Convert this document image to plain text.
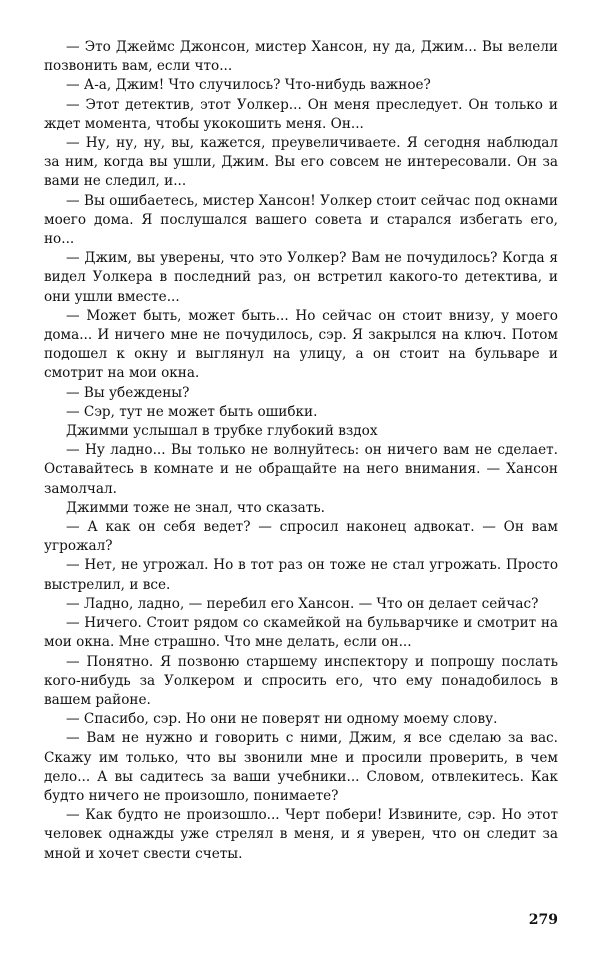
— Это Джеймс Джонсон, мистер Хансон, ну да, Джим... Вы велели позвонить вам, если что...

— А-а, Джим! Что случилось? Что-нибудь важное?

— Этот детектив, этот Уолкер... Он меня преследует. Он только и ждет момента, чтобы укокошить меня. Он...

— Ну, ну, ну, вы, кажется, преувеличиваете. Я сегодня наблюдал за ним, когда вы ушли, Джим. Вы его совсем не интересовали. Он за вами не следил, и...

— Вы ошибаетесь, мистер Хансон! Уолкер стоит сейчас под окнами моего дома. Я послушался вашего совета и старался избегать его, но...

— Джим, вы уверены, что это Уолкер? Вам не почудилось? Когда я видел Уолкера в последний раз, он встретил какого-то детектива, и они ушли вместе...

— Может быть, может быть... Но сейчас он стоит внизу, у моего дома... И ничего мне не почудилось, сэр. Я закрылся на ключ. Потом подошел к окну и выглянул на улицу, а он стоит на бульваре и смотрит на мои окна.

— Вы убеждены?

— Сэр, тут не может быть ошибки.

Джимми услышал в трубке глубокий вздох

— Ну ладно... Вы только не волнуйтесь: он ничего вам не сделает. Оставайтесь в комнате и не обращайте на него внимания. — Хансон замолчал.

Джимми тоже не знал, что сказать.

— А как он себя ведет? — спросил наконец адвокат. — Он вам угрожал?

— Нет, не угрожал. Но в тот раз он тоже не стал угрожать. Просто выстрелил, и все.

— Ладно, ладно, — перебил его Хансон. — Что он делает сейчас?

— Ничего. Стоит рядом со скамейкой на бульварчике и смотрит на мои окна. Мне страшно. Что мне делать, если он...

— Понятно. Я позвоню старшему инспектору и попрошу послать кого-нибудь за Уолкером и спросить его, что ему понадобилось в вашем районе.

— Спасибо, сэр. Но они не поверят ни одному моему слову.

— Вам не нужно и говорить с ними, Джим, я все сделаю за вас. Скажу им только, что вы звонили мне и просили проверить, в чем дело... А вы садитесь за ваши учебники... Словом, отвлекитесь. Как будто ничего не произошло, понимаете?

— Как будто не произошло... Черт побери! Извините, сэр. Но этот человек однажды уже стрелял в меня, и я уверен, что он следит за мной и хочет свести счеты.

279
